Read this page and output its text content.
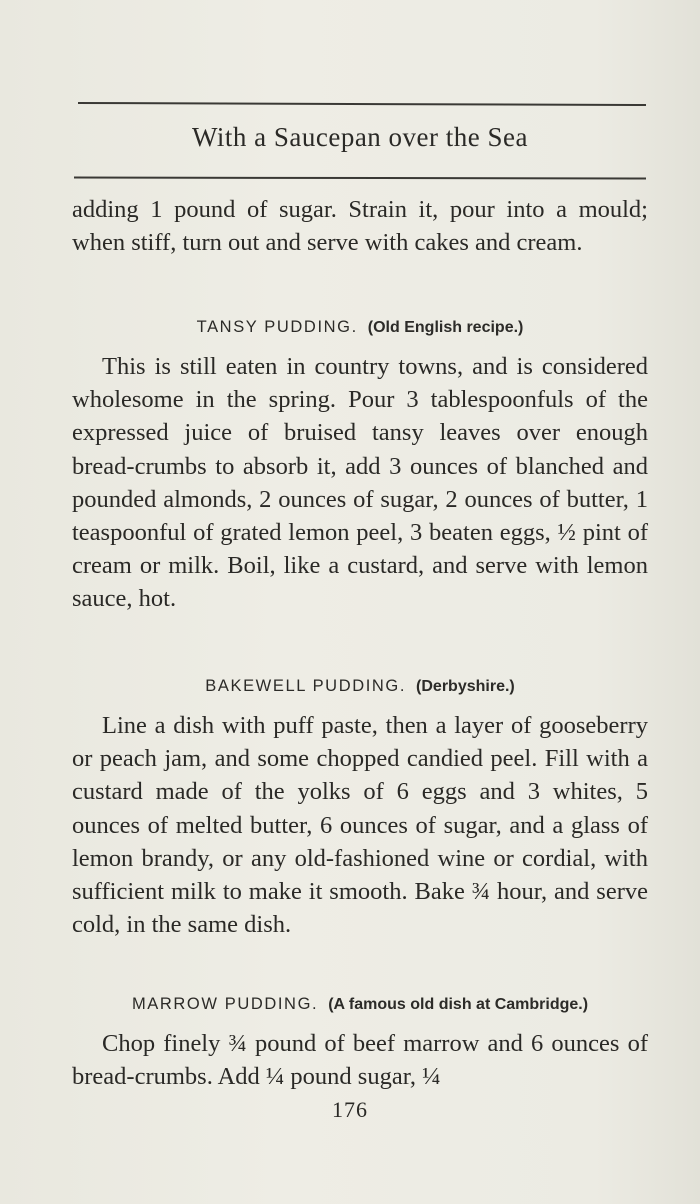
With a Saucepan over the Sea

adding 1 pound of sugar. Strain it, pour into a mould; when stiff, turn out and serve with cakes and cream.

TANSY PUDDING. (Old English recipe.)

This is still eaten in country towns, and is considered wholesome in the spring. Pour 3 tablespoonfuls of the expressed juice of bruised tansy leaves over enough bread-crumbs to absorb it, add 3 ounces of blanched and pounded almonds, 2 ounces of sugar, 2 ounces of butter, 1 teaspoonful of grated lemon peel, 3 beaten eggs, ½ pint of cream or milk. Boil, like a custard, and serve with lemon sauce, hot.

BAKEWELL PUDDING. (Derbyshire.)

Line a dish with puff paste, then a layer of gooseberry or peach jam, and some chopped candied peel. Fill with a custard made of the yolks of 6 eggs and 3 whites, 5 ounces of melted butter, 6 ounces of sugar, and a glass of lemon brandy, or any old-fashioned wine or cordial, with sufficient milk to make it smooth. Bake ¾ hour, and serve cold, in the same dish.

MARROW PUDDING. (A famous old dish at Cambridge.)

Chop finely ¾ pound of beef marrow and 6 ounces of bread-crumbs. Add ¼ pound sugar, ¼

176
